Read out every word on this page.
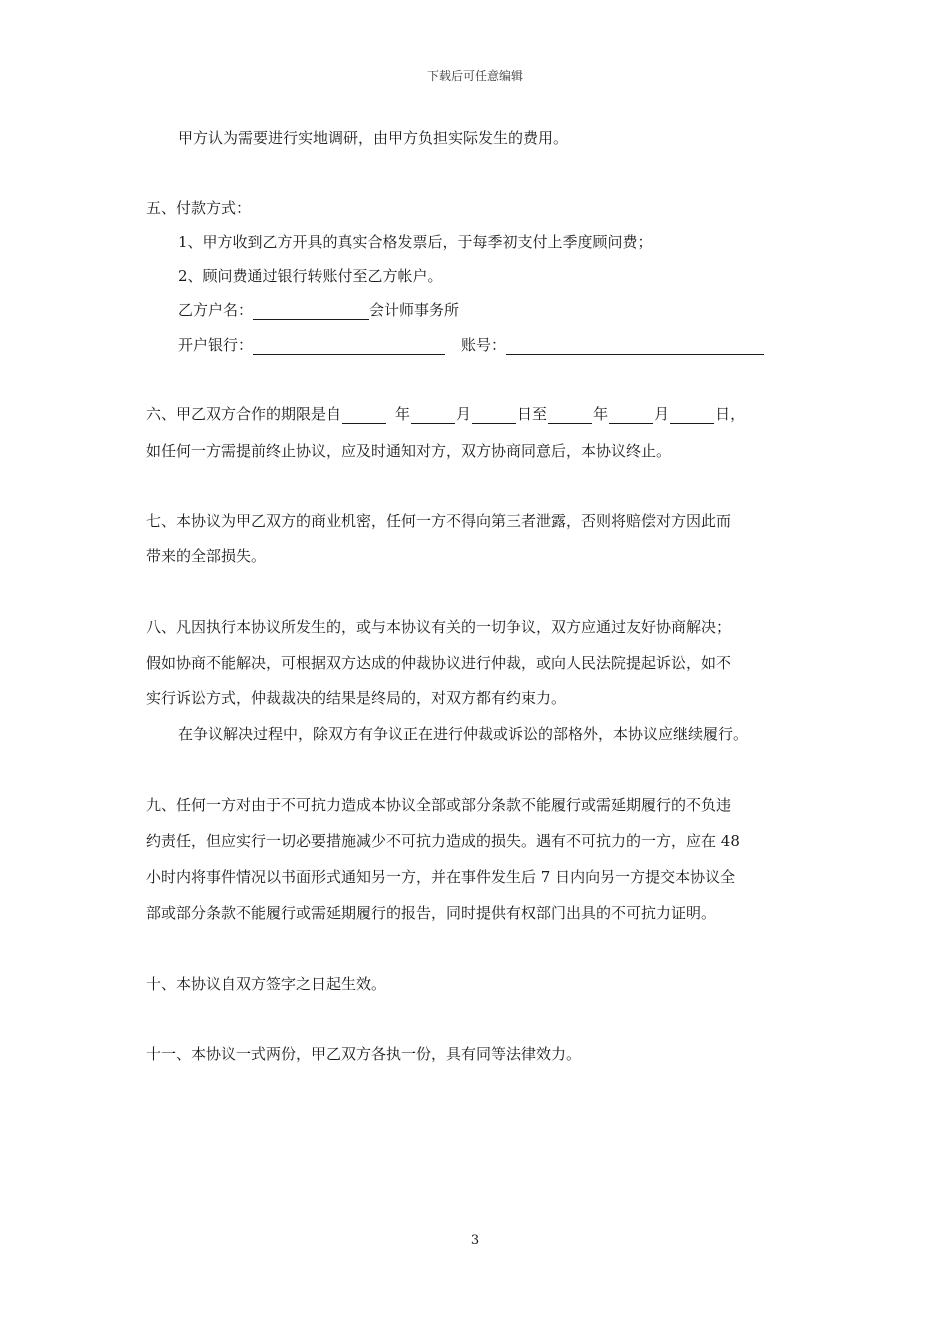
下载后可任意编辑
甲方认为需要进行实地调研，由甲方负担实际发生的费用。
五、付款方式：
1、甲方收到乙方开具的真实合格发票后，于每季初支付上季度顾问费；
2、顾问费通过银行转账付至乙方帐户。
乙方户名：	会计师事务所
开户银行：	账号：
六、甲乙双方合作的期限是自	年	月	日至	年	月	日，
如任何一方需提前终止协议，应及时通知对方，双方协商同意后，本协议终止。
七、本协议为甲乙双方的商业机密，任何一方不得向第三者泄露，否则将赔偿对方因此而
带来的全部损失。
八、凡因执行本协议所发生的，或与本协议有关的一切争议，双方应通过友好协商解决；
假如协商不能解决，可根据双方达成的仲裁协议进行仲裁，或向人民法院提起诉讼，如不
实行诉讼方式，仲裁裁决的结果是终局的，对双方都有约束力。
在争议解决过程中，除双方有争议正在进行仲裁或诉讼的部格外，本协议应继续履行。
九、任何一方对由于不可抗力造成本协议全部或部分条款不能履行或需延期履行的不负违
约责任，但应实行一切必要措施减少不可抗力造成的损失。遇有不可抗力的一方，应在 48
小时内将事件情况以书面形式通知另一方，并在事件发生后 7 日内向另一方提交本协议全
部或部分条款不能履行或需延期履行的报告，同时提供有权部门出具的不可抗力证明。
十、本协议自双方签字之日起生效。
十一、本协议一式两份，甲乙双方各执一份，具有同等法律效力。
3
